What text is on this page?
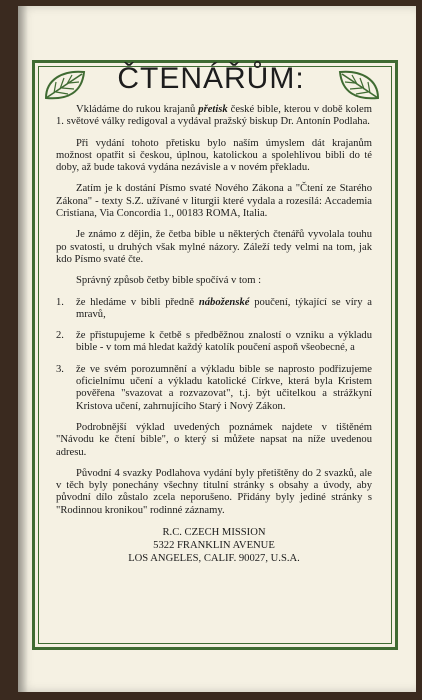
ČTENÁŘŮM:

Vkládáme do rukou krajanů přetisk české bible, kterou v době kolem 1. světové války redigoval a vydával pražský biskup Dr. Antonín Podlaha.

Při vydání tohoto přetisku bylo naším úmyslem dát krajanům možnost opatřit si českou, úplnou, katolickou a spolehlivou bibli do té doby, až bude taková vydána nezávisle a v novém překladu.

Zatím je k dostání Písmo svaté Nového Zákona a "Čtení ze Starého Zákona" - texty S.Z. užívané v liturgii které vydala a rozesílá: Accademia Cristiana, Via Concordia 1., 00183 ROMA, Italia.

Je známo z dějin, že četba bible u některých čtenářů vyvolala touhu po svatosti, u druhých však mylné názory. Záleží tedy velmi na tom, jak kdo Písmo svaté čte.

Správný způsob četby bible spočívá v tom :

1.	že hledáme v bibli předně náboženské poučení, týkající se víry a mravů,
2.	že přistupujeme k četbě s předběžnou znalostí o vzniku a výkladu bible - v tom má hledat každý katolík poučení aspoň všeobecné, a
3.	že ve svém porozumnění a výkladu bible se naprosto podřizujeme oficielnímu učení a výkladu katolické Církve, která byla Kristem pověřena "svazovat a rozvazovat", t.j. být učitelkou a strážkyní Kristova učení, zahrnujícího Starý i Nový Zákon.

Podrobnější výklad uvedených poznámek najdete v tištěném "Návodu ke čtení bible", o který si můžete napsat na níže uvedenou adresu.

Původní 4 svazky Podlahova vydání byly přetištěny do 2 svazků, ale v těch byly ponechány všechny titulní stránky s obsahy a úvody, aby původní dílo zůstalo zcela neporušeno. Přidány byly jediné stránky s "Rodinnou kronikou" rodinné záznamy.

R.C. CZECH MISSION
5322 FRANKLIN AVENUE
LOS ANGELES, CALIF. 90027, U.S.A.
